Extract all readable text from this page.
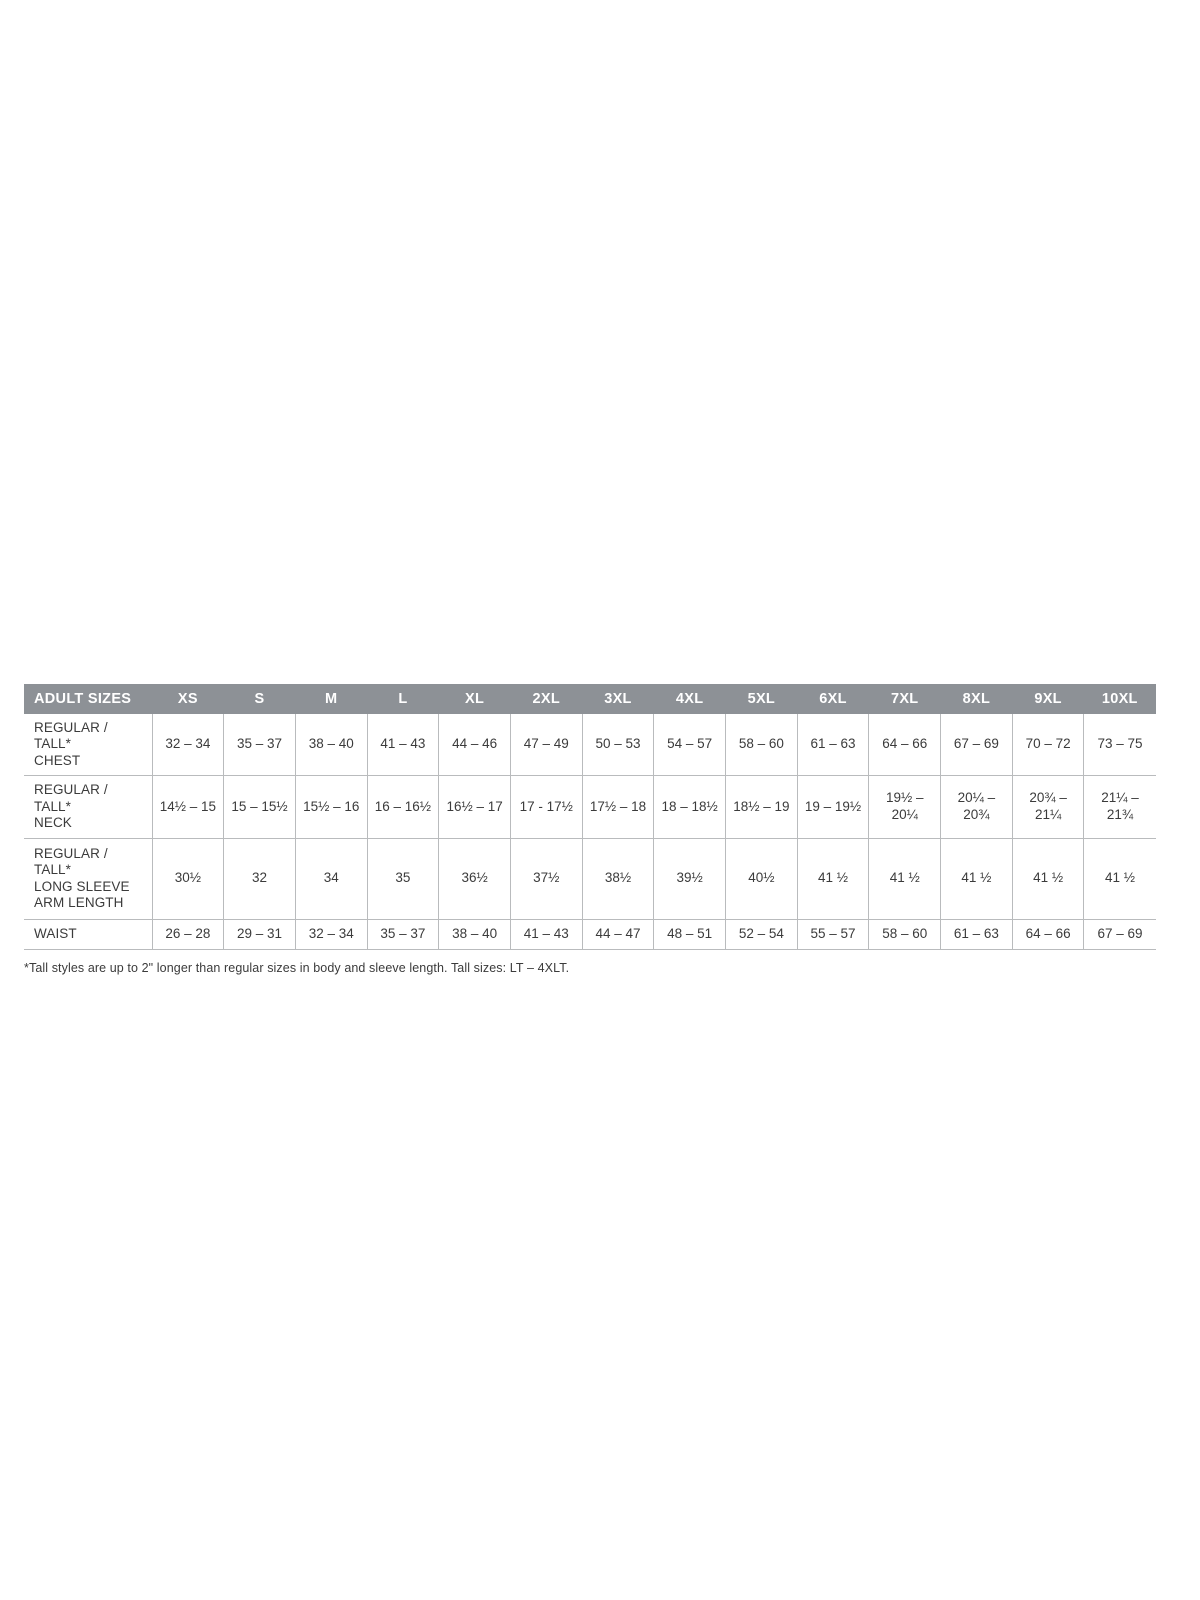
ADULT SIZES	XS	S	M	L	XL	2XL	3XL	4XL	5XL	6XL	7XL	8XL	9XL	10XL

REGULAR / TALL*
CHEST	32 – 34	35 – 37	38 – 40	41 – 43	44 – 46	47 – 49	50 – 53	54 – 57	58 – 60	61 – 63	64 – 66	67 – 69	70 – 72	73 – 75

REGULAR / TALL*
NECK	14½ – 15	15 – 15½	15½ – 16	16 – 16½	16½ – 17	17 - 17½	17½ – 18	18 – 18½	18½ – 19	19 – 19½	19½ – 20¼	20¼ – 20¾	20¾ – 21¼	21¼ – 21¾

REGULAR / TALL*
LONG SLEEVE
ARM LENGTH	30½	32	34	35	36½	37½	38½	39½	40½	41 ½	41 ½	41 ½	41 ½	41 ½
WAIST	26 – 28	29 – 31	32 – 34	35 – 37	38 – 40	41 – 43	44 – 47	48 – 51	52 – 54	55 – 57	58 – 60	61 – 63	64 – 66	67 – 69
*Tall styles are up to 2" longer than regular sizes in body and sleeve length. Tall sizes: LT – 4XLT.
